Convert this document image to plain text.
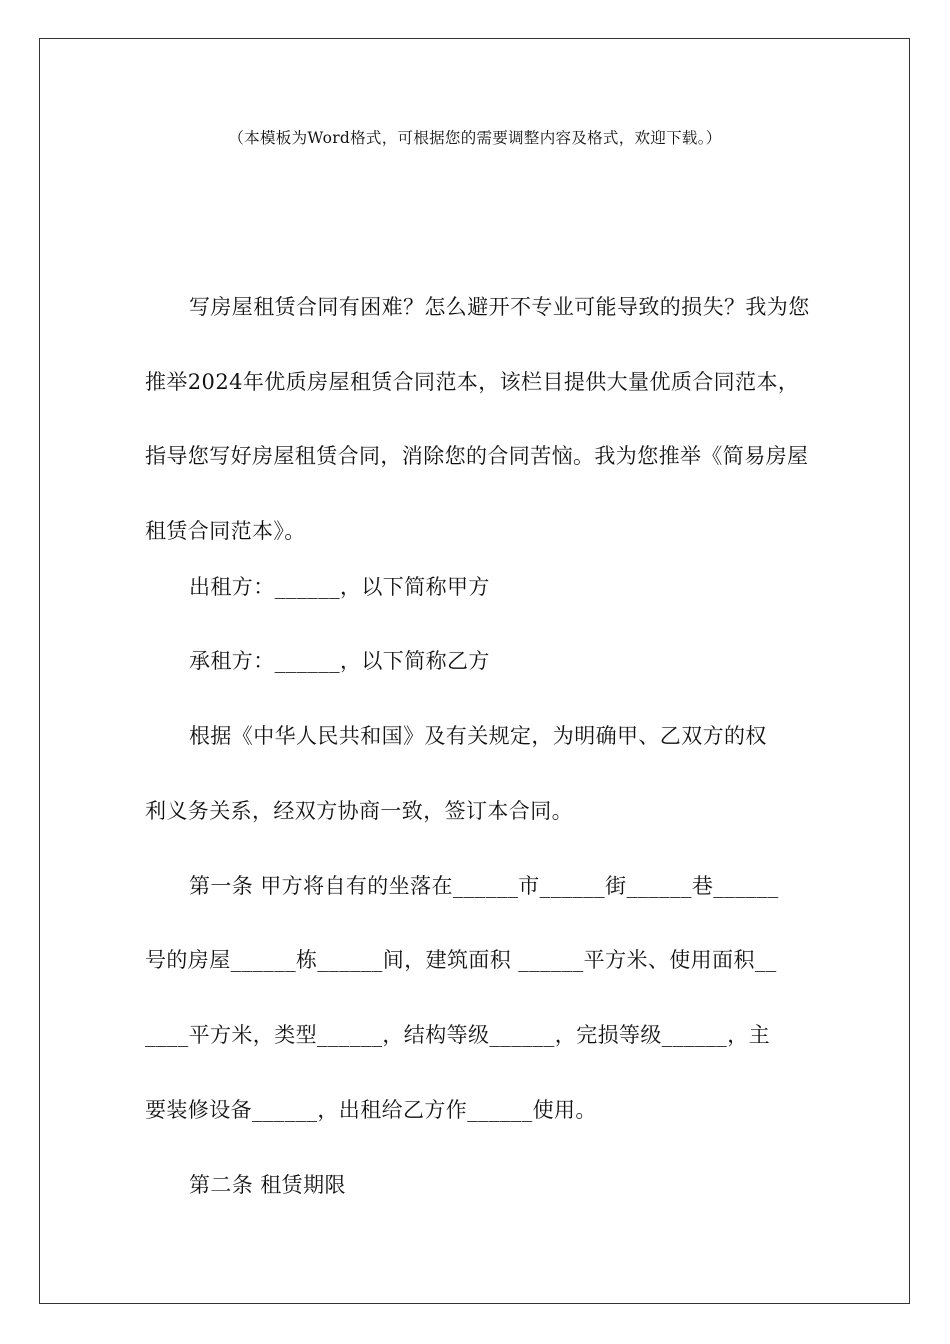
（本模板为Word格式，可根据您的需要调整内容及格式，欢迎下载。）

写房屋租赁合同有困难？怎么避开不专业可能导致的损失？我为您推举2024年优质房屋租赁合同范本，该栏目提供大量优质合同范本，指导您写好房屋租赁合同，消除您的合同苦恼。我为您推举《简易房屋租赁合同范本》。

出租方：______，以下简称甲方

承租方：______，以下简称乙方

根据《中华人民共和国》及有关规定，为明确甲、乙双方的权

利义务关系，经双方协商一致，签订本合同。

第一条 甲方将自有的坐落在______市______街______巷______

号的房屋______栋______间，建筑面积 ______平方米、使用面积__

____平方米，类型______，结构等级______，完损等级______，主

要装修设备______，出租给乙方作______使用。

第二条 租赁期限
